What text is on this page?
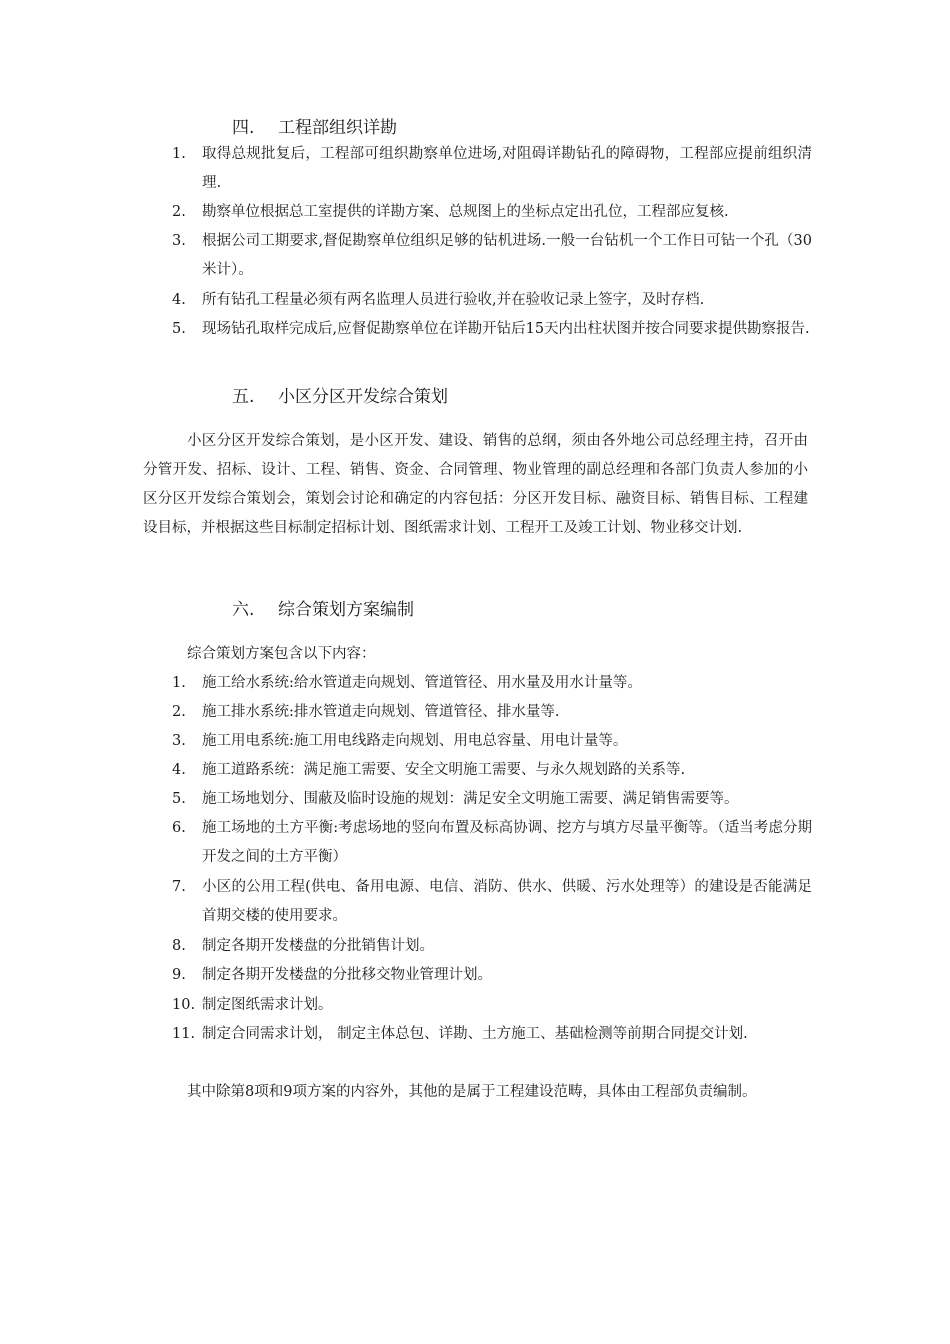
四. 工程部组织详勘
1.	取得总规批复后，工程部可组织勘察单位进场,对阻碍详勘钻孔的障碍物，工程部应提前组织清理.
2.	勘察单位根据总工室提供的详勘方案、总规图上的坐标点定出孔位，工程部应复核.
3.	根据公司工期要求,督促勘察单位组织足够的钻机进场.一般一台钻机一个工作日可钻一个孔（30米计）。
4.	所有钻孔工程量必须有两名监理人员进行验收,并在验收记录上签字，及时存档.
5.	现场钻孔取样完成后,应督促勘察单位在详勘开钻后15天内出柱状图并按合同要求提供勘察报告.
五. 小区分区开发综合策划
小区分区开发综合策划，是小区开发、建设、销售的总纲，须由各外地公司总经理主持，召开由分管开发、招标、设计、工程、销售、资金、合同管理、物业管理的副总经理和各部门负责人参加的小区分区开发综合策划会，策划会讨论和确定的内容包括：分区开发目标、融资目标、销售目标、工程建设目标，并根据这些目标制定招标计划、图纸需求计划、工程开工及竣工计划、物业移交计划.
六. 综合策划方案编制
综合策划方案包含以下内容：
1.	施工给水系统:给水管道走向规划、管道管径、用水量及用水计量等。
2.	施工排水系统:排水管道走向规划、管道管径、排水量等.
3.	施工用电系统:施工用电线路走向规划、用电总容量、用电计量等。
4.	施工道路系统：满足施工需要、安全文明施工需要、与永久规划路的关系等.
5.	施工场地划分、围蔽及临时设施的规划：满足安全文明施工需要、满足销售需要等。
6.	施工场地的土方平衡:考虑场地的竖向布置及标高协调、挖方与填方尽量平衡等。（适当考虑分期开发之间的土方平衡）
7.	小区的公用工程(供电、备用电源、电信、消防、供水、供暖、污水处理等）的建设是否能满足首期交楼的使用要求。
8.	制定各期开发楼盘的分批销售计划。
9.	制定各期开发楼盘的分批移交物业管理计划。
10. 制定图纸需求计划。
11. 制定合同需求计划， 制定主体总包、详勘、土方施工、基础检测等前期合同提交计划.
其中除第8项和9项方案的内容外，其他的是属于工程建设范畴，具体由工程部负责编制。
